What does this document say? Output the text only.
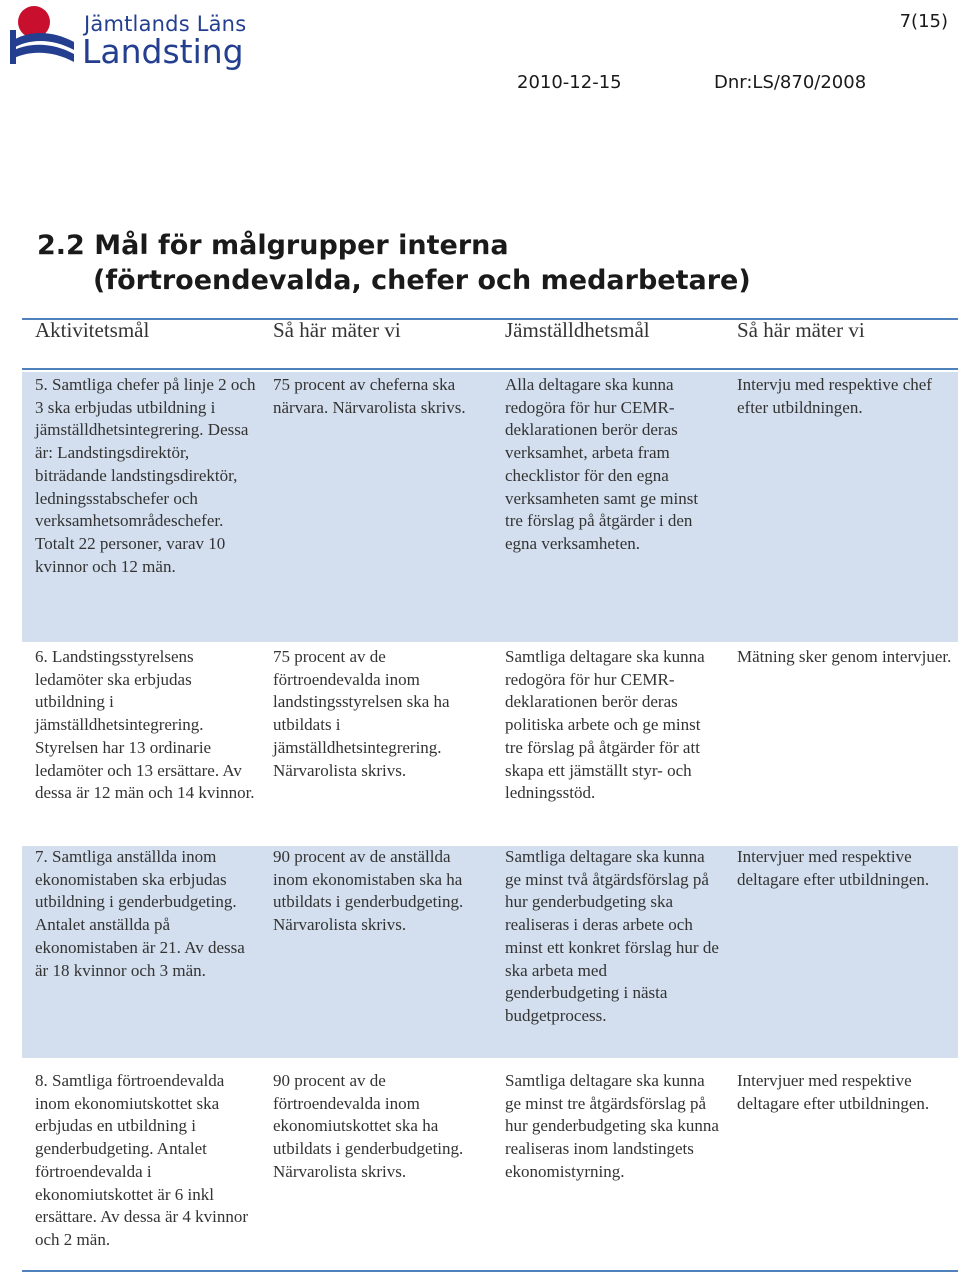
Jämtlands Läns
Landsting
7(15)
2010-12-15	Dnr:LS/870/2008
2.2 Mål för målgrupper interna
(förtroendevalda, chefer och medarbetare)
Aktivitetsmål	Så här mäter vi	Jämställdhetsmål	Så här mäter vi
5. Samtliga chefer på linje 2 och 3 ska erbjudas utbildning i jämställdhetsintegrering. Dessa är: Landstingsdirektör, biträdande landstingsdirektör, ledningsstabschefer och verksamhetsområdeschefer. Totalt 22 personer, varav 10 kvinnor och 12 män.
75 procent av cheferna ska närvara. Närvarolista skrivs.
Alla deltagare ska kunna redogöra för hur CEMR-deklarationen berör deras verksamhet, arbeta fram checklistor för den egna verksamheten samt ge minst tre förslag på åtgärder i den egna verksamheten.
Intervju med respektive chef efter utbildningen.
6. Landstingsstyrelsens ledamöter ska erbjudas utbildning i jämställdhetsintegrering. Styrelsen har 13 ordinarie ledamöter och 13 ersättare. Av dessa är 12 män och 14 kvinnor.
75 procent av de förtroendevalda inom landstingsstyrelsen ska ha utbildats i jämställdhetsintegrering. Närvarolista skrivs.
Samtliga deltagare ska kunna redogöra för hur CEMR-deklarationen berör deras politiska arbete och ge minst tre förslag på åtgärder för att skapa ett jämställt styr- och ledningsstöd.
Mätning sker genom intervjuer.
7. Samtliga anställda inom ekonomistaben ska erbjudas utbildning i genderbudgeting. Antalet anställda på ekonomistaben är 21. Av dessa är 18 kvinnor och 3 män.
90 procent av de anställda inom ekonomistaben ska ha utbildats i genderbudgeting. Närvarolista skrivs.
Samtliga deltagare ska kunna ge minst två åtgärdsförslag på hur genderbudgeting ska realiseras i deras arbete och minst ett konkret förslag hur de ska arbeta med genderbudgeting i nästa budgetprocess.
Intervjuer med respektive deltagare efter utbildningen.
8. Samtliga förtroendevalda inom ekonomiutskottet ska erbjudas en utbildning i genderbudgeting. Antalet förtroendevalda i ekonomiutskottet är 6 inkl ersättare. Av dessa är 4 kvinnor och 2 män.
90 procent av de förtroendevalda inom ekonomiutskottet ska ha utbildats i genderbudgeting. Närvarolista skrivs.
Samtliga deltagare ska kunna ge minst tre åtgärdsförslag på hur genderbudgeting ska kunna realiseras inom landstingets ekonomistyrning.
Intervjuer med respektive deltagare efter utbildningen.
